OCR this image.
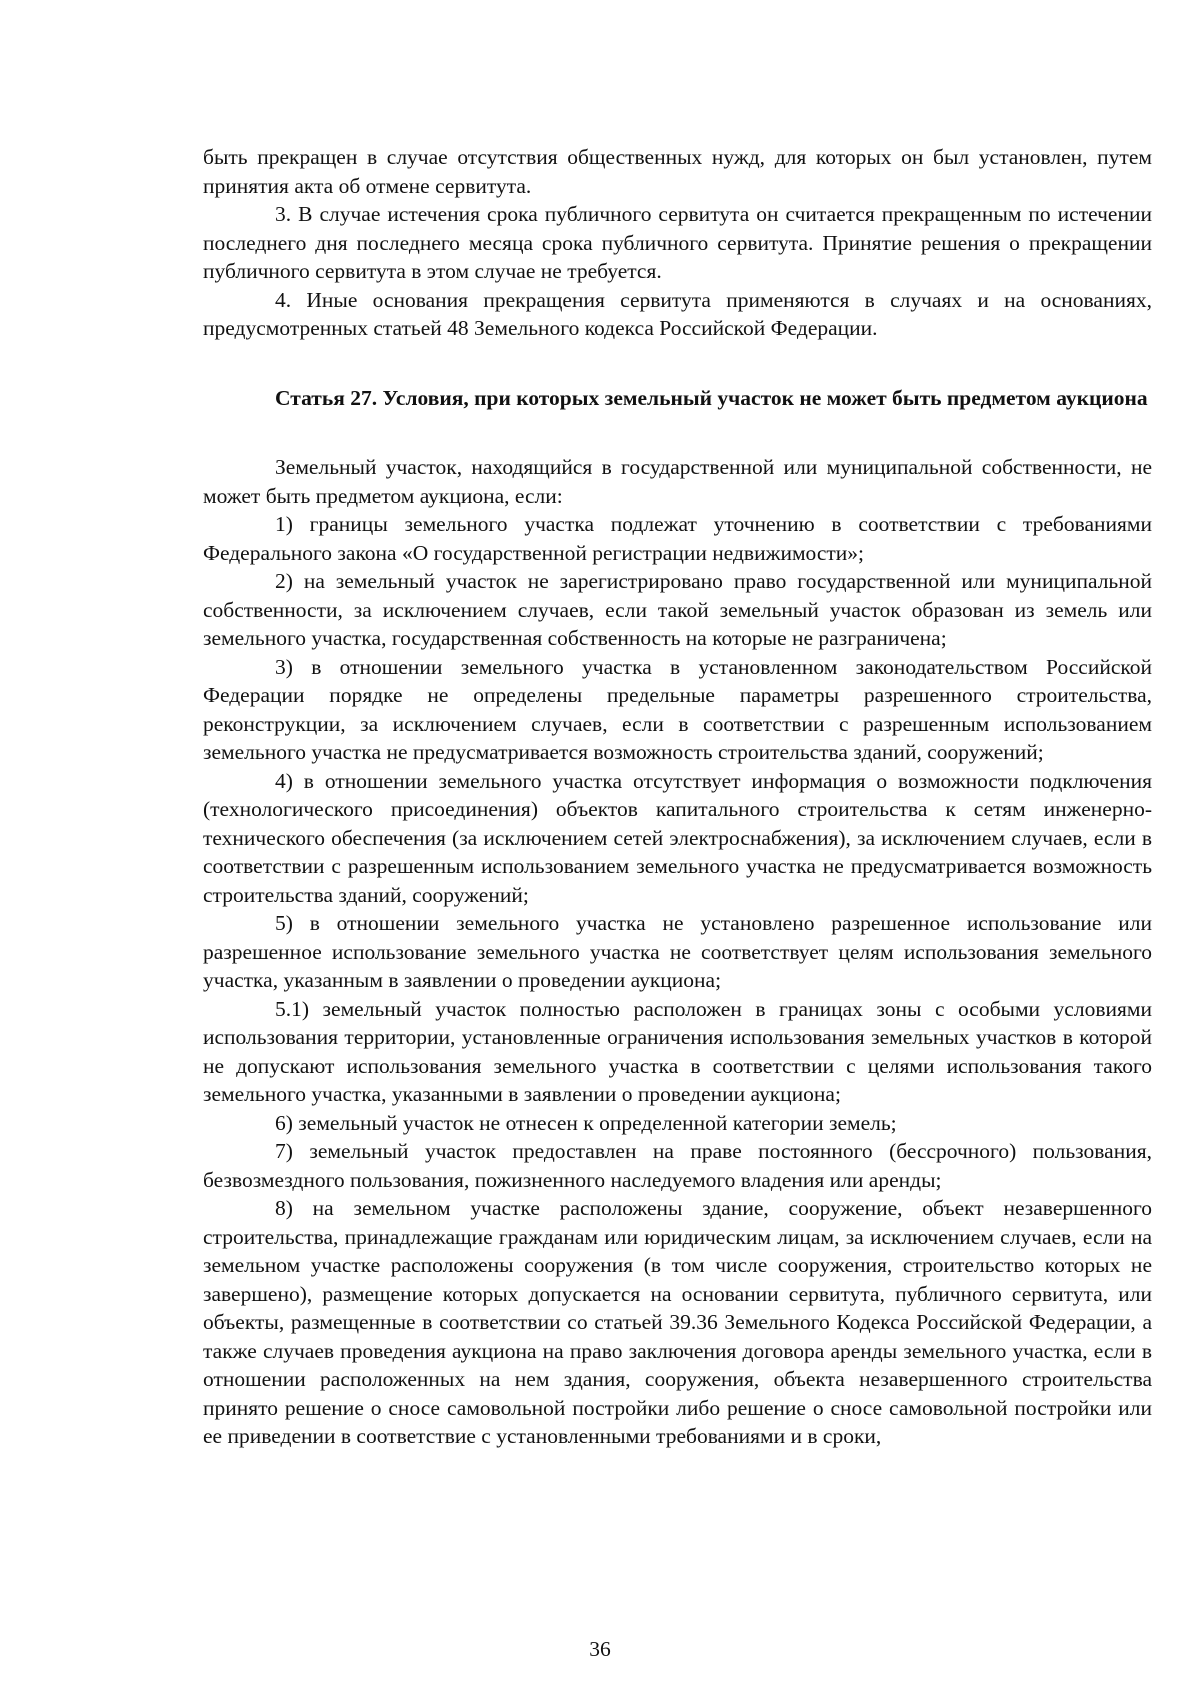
быть прекращен в случае отсутствия общественных нужд, для которых он был установлен, путем принятия акта об отмене сервитута.

3. В случае истечения срока публичного сервитута он считается прекращенным по истечении последнего дня последнего месяца срока публичного сервитута. Принятие решения о прекращении публичного сервитута в этом случае не требуется.

4. Иные основания прекращения сервитута применяются в случаях и на основаниях, предусмотренных статьей 48 Земельного кодекса Российской Федерации.

Статья 27. Условия, при которых земельный участок не может быть предметом аукциона

Земельный участок, находящийся в государственной или муниципальной собственности, не может быть предметом аукциона, если:

1) границы земельного участка подлежат уточнению в соответствии с требованиями Федерального закона «О государственной регистрации недвижимости»;

2) на земельный участок не зарегистрировано право государственной или муниципальной собственности, за исключением случаев, если такой земельный участок образован из земель или земельного участка, государственная собственность на которые не разграничена;

3) в отношении земельного участка в установленном законодательством Российской Федерации порядке не определены предельные параметры разрешенного строительства, реконструкции, за исключением случаев, если в соответствии с разрешенным использованием земельного участка не предусматривается возможность строительства зданий, сооружений;

4) в отношении земельного участка отсутствует информация о возможности подключения (технологического присоединения) объектов капитального строительства к сетям инженерно-технического обеспечения (за исключением сетей электроснабжения), за исключением случаев, если в соответствии с разрешенным использованием земельного участка не предусматривается возможность строительства зданий, сооружений;

5) в отношении земельного участка не установлено разрешенное использование или разрешенное использование земельного участка не соответствует целям использования земельного участка, указанным в заявлении о проведении аукциона;

5.1) земельный участок полностью расположен в границах зоны с особыми условиями использования территории, установленные ограничения использования земельных участков в которой не допускают использования земельного участка в соответствии с целями использования такого земельного участка, указанными в заявлении о проведении аукциона;

6) земельный участок не отнесен к определенной категории земель;

7) земельный участок предоставлен на праве постоянного (бессрочного) пользования, безвозмездного пользования, пожизненного наследуемого владения или аренды;

8) на земельном участке расположены здание, сооружение, объект незавершенного строительства, принадлежащие гражданам или юридическим лицам, за исключением случаев, если на земельном участке расположены сооружения (в том числе сооружения, строительство которых не завершено), размещение которых допускается на основании сервитута, публичного сервитута, или объекты, размещенные в соответствии со статьей 39.36 Земельного Кодекса Российской Федерации, а также случаев проведения аукциона на право заключения договора аренды земельного участка, если в отношении расположенных на нем здания, сооружения, объекта незавершенного строительства принято решение о сносе самовольной постройки либо решение о сносе самовольной постройки или ее приведении в соответствие с установленными требованиями и в сроки,

36
